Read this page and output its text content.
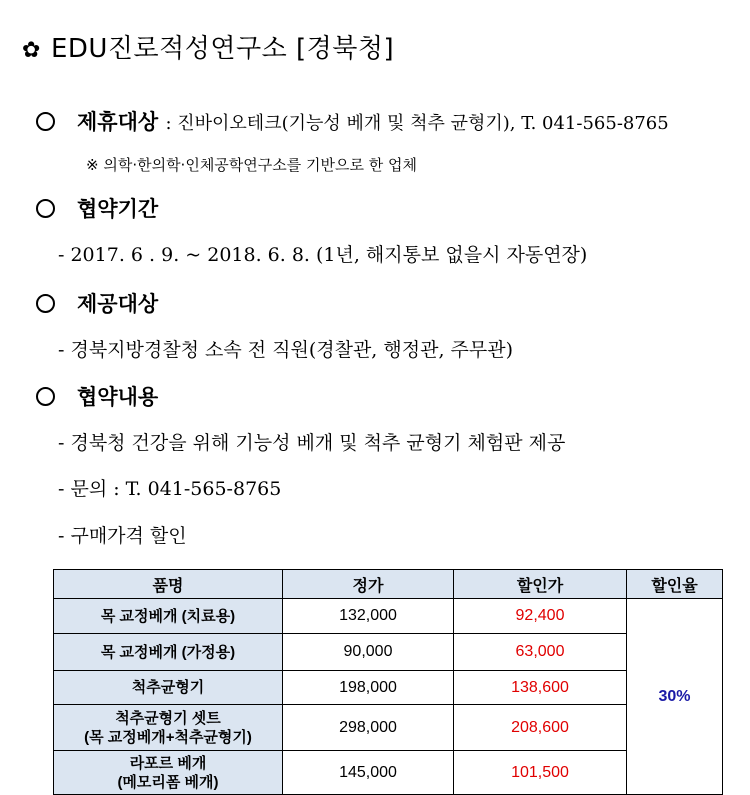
✿ EDU진로적성연구소 [경북청]
제휴대상 : 진바이오테크(기능성 베개 및 척추 균형기), T. 041-565-8765
※ 의학·한의학·인체공학연구소를 기반으로 한 업체
협약기간
- 2017. 6 . 9. ~ 2018. 6. 8. (1년, 해지통보 없을시 자동연장)
제공대상
- 경북지방경찰청 소속 전 직원(경찰관, 행정관, 주무관)
협약내용
- 경북청 건강을 위해 기능성 베개 및 척추 균형기 체험판 제공
- 문의 : T. 041-565-8765
- 구매가격 할인
품명	정가	할인가	할인율
목 교정베개 (치료용)	132,000	92,400	30%
목 교정베개 (가정용)	90,000	63,000	
척추균형기	198,000	138,600	
척추균형기 셋트
(목 교정베개+척추균형기)	298,000	208,600	
라포르 베개
(메모리폼 베개)	145,000	101,500	
